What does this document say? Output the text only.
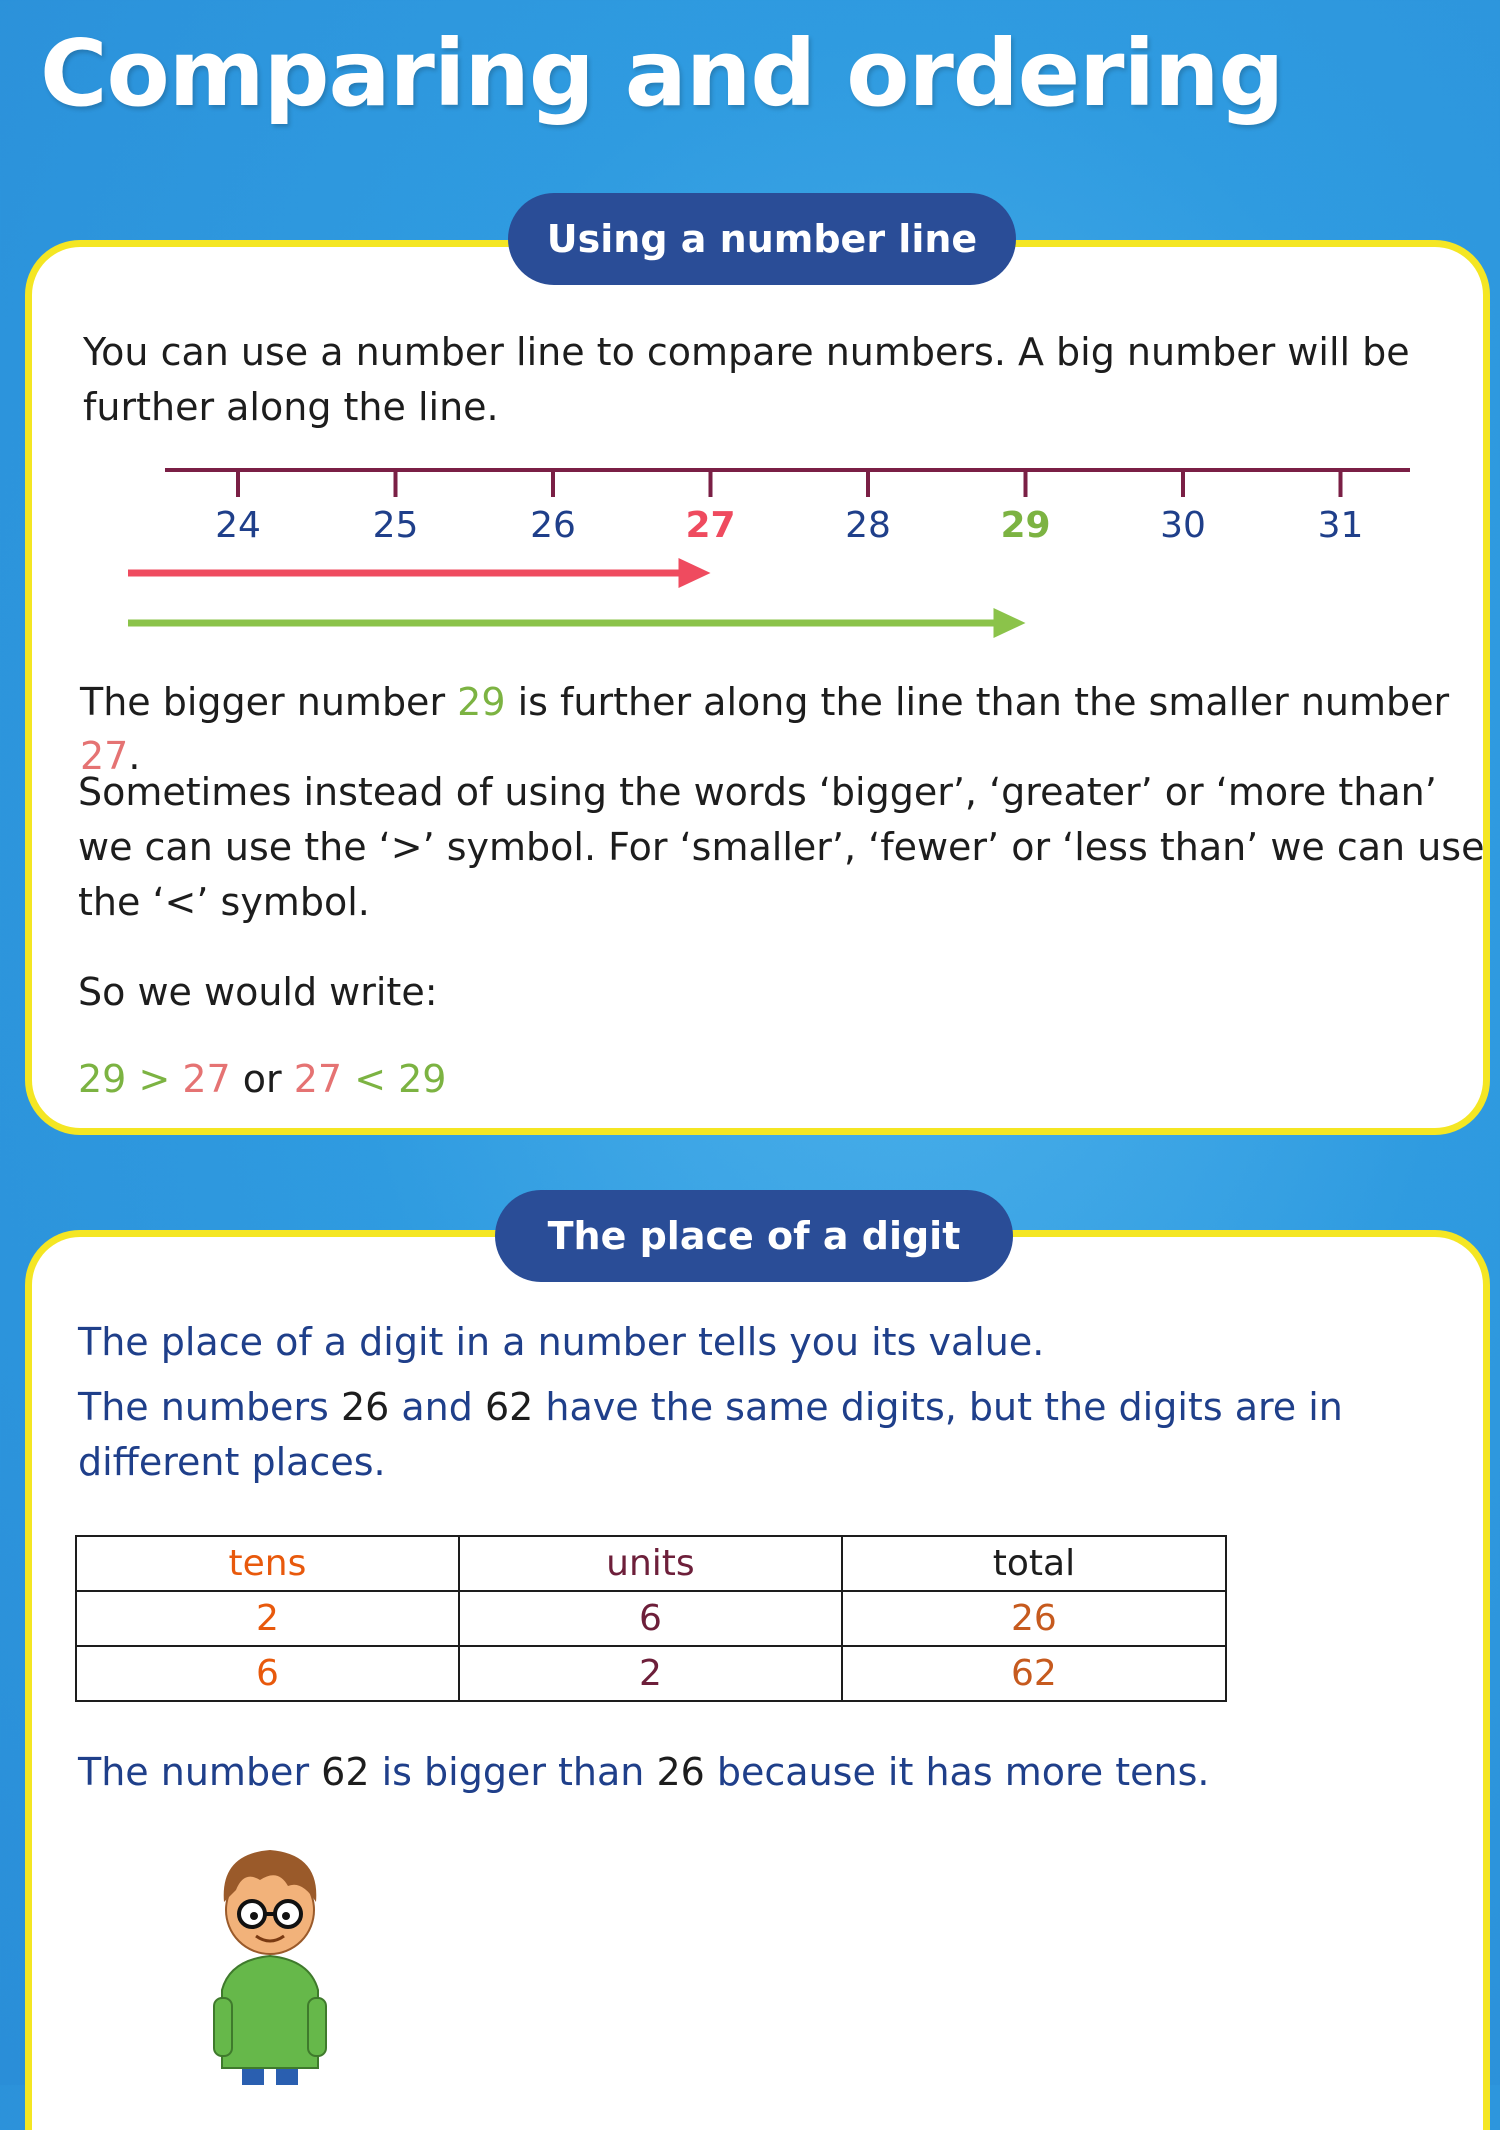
Comparing and ordering
Using a number line

You can use a number line to compare numbers. A big number will be

further along the line.

24	25	26	27	28	29	30	31

The bigger number 29 is further along the line than the smaller number 27.

Sometimes instead of using the words ‘bigger’, ‘greater’ or ‘more than’

we can use the ‘>’ symbol. For ‘smaller’, ‘fewer’ or ‘less than’ we can use

the ‘<’ symbol.

So we would write:

29 > 27 or 27 < 29

The place of a digit

The place of a digit in a number tells you its value.

The numbers 26 and 62 have the same digits, but the digits are in

different places.

tens	units	total
2	6	26
6	2	62

The number 62 is bigger than 26 because it has more tens.
